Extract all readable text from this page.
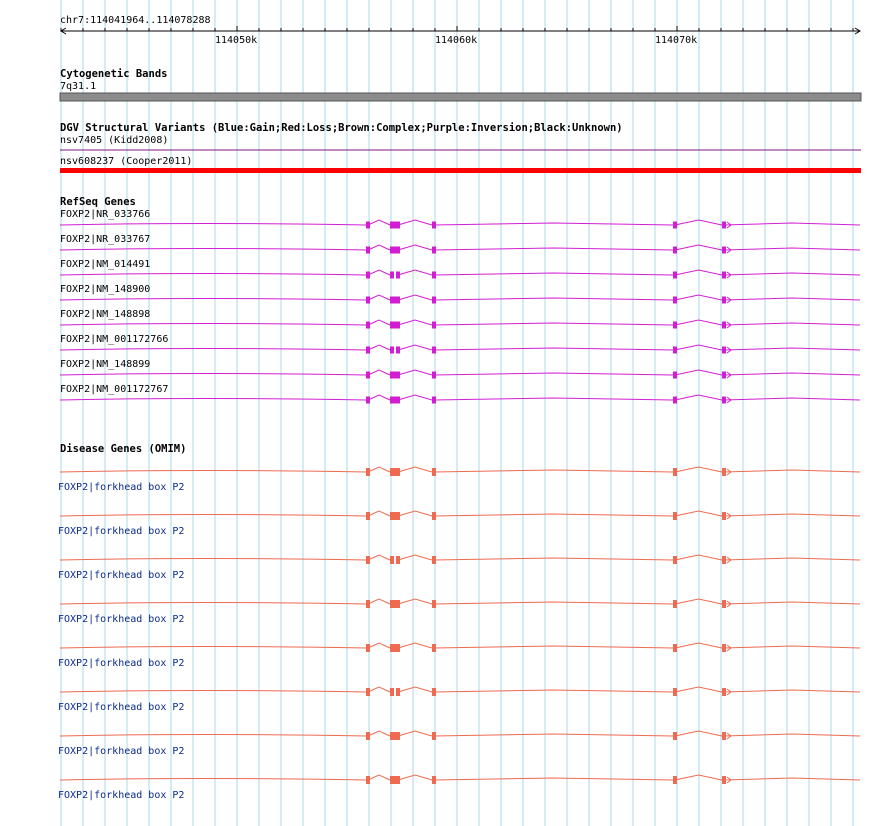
chr7:114041964..114078288
114050k	114060k	114070k
Cytogenetic Bands
7q31.1
DGV Structural Variants (Blue:Gain;Red:Loss;Brown:Complex;Purple:Inversion;Black:Unknown)
nsv7405 (Kidd2008)
nsv608237 (Cooper2011)
RefSeq Genes
FOXP2|NR_033766
FOXP2|NR_033767
FOXP2|NM_014491
FOXP2|NM_148900
FOXP2|NM_148898
FOXP2|NM_001172766
FOXP2|NM_148899
FOXP2|NM_001172767
Disease Genes (OMIM)
FOXP2|forkhead box P2
FOXP2|forkhead box P2
FOXP2|forkhead box P2
FOXP2|forkhead box P2
FOXP2|forkhead box P2
FOXP2|forkhead box P2
FOXP2|forkhead box P2
FOXP2|forkhead box P2
